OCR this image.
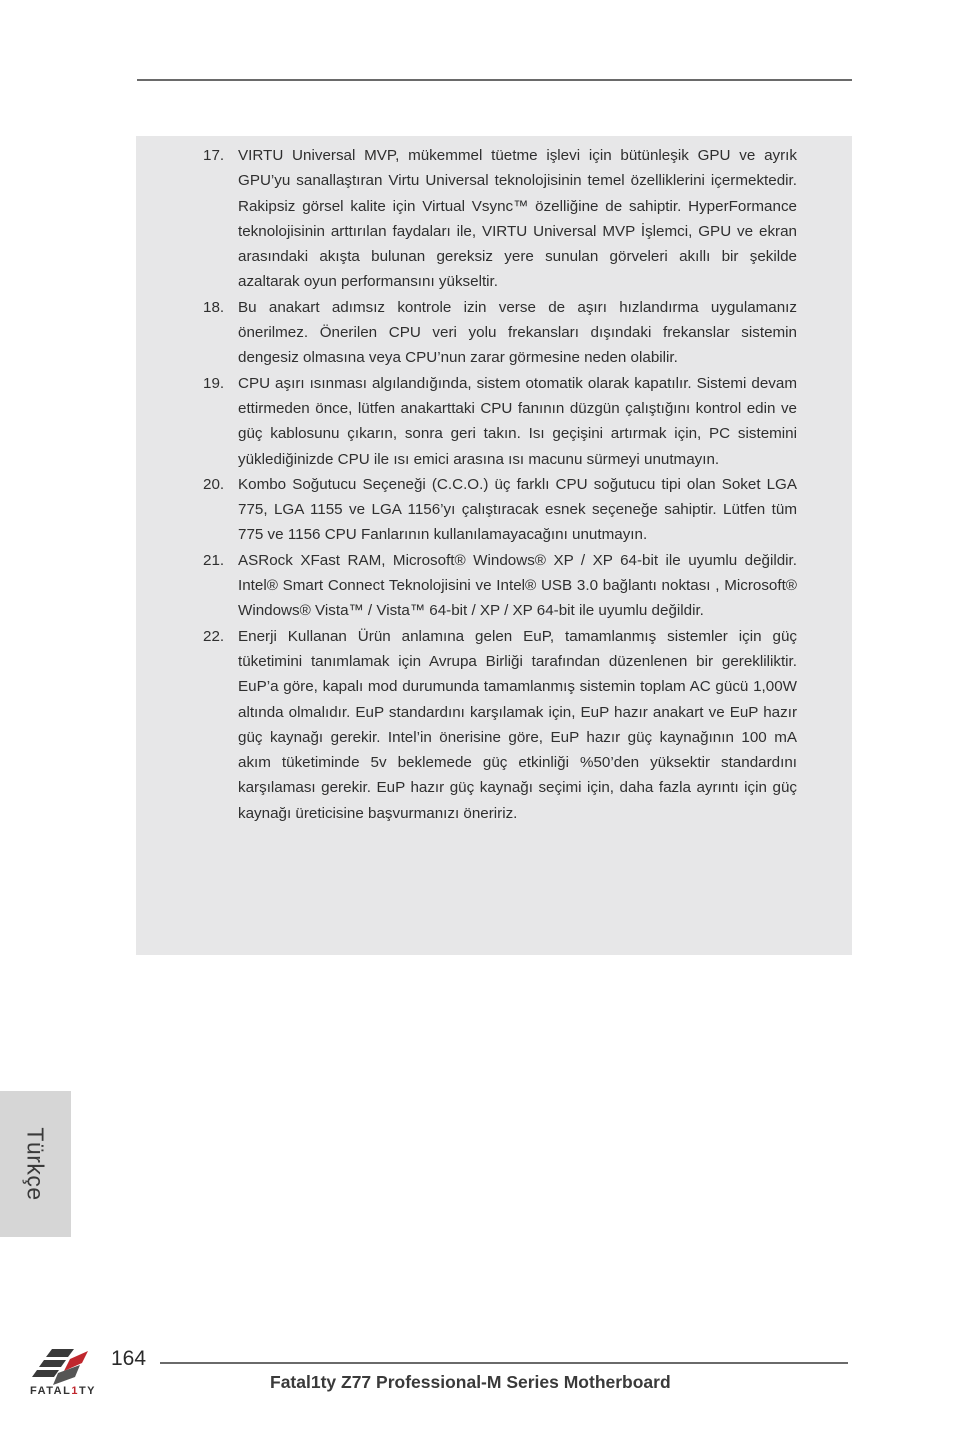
17. VIRTU Universal MVP, mükemmel tüetme işlevi için bütünleşik GPU ve ayrık GPU’yu sanallaştıran Virtu Universal teknolojisinin temel özelliklerini içermektedir. Rakipsiz görsel kalite için Virtual Vsync™ özelliğine de sahiptir. HyperFormance teknolojisinin arttırılan faydaları ile, VIRTU Universal MVP İşlemci, GPU ve ekran arasındaki akışta bulunan gereksiz yere sunulan görveleri akıllı bir şekilde azaltarak oyun performansını yükseltir.
18. Bu anakart adımsız kontrole izin verse de aşırı hızlandırma uygulamanız önerilmez. Önerilen CPU veri yolu frekansları dışındaki frekanslar sistemin dengesiz olmasına veya CPU’nun zarar görmesine neden olabilir.
19. CPU aşırı ısınması algılandığında, sistem otomatik olarak kapatılır. Sistemi devam ettirmeden önce, lütfen anakarttaki CPU fanının düzgün çalıştığını kontrol edin ve güç kablosunu çıkarın, sonra geri takın. Isı geçişini artırmak için, PC sistemini yüklediğinizde CPU ile ısı emici arasına ısı macunu sürmeyi unutmayın.
20. Kombo Soğutucu Seçeneği (C.C.O.) üç farklı CPU soğutucu tipi olan Soket LGA 775, LGA 1155 ve LGA 1156’yı çalıştıracak esnek seçeneğe sahiptir. Lütfen tüm 775 ve 1156 CPU Fanlarının kullanılamayacağını unutmayın.
21. ASRock XFast RAM, Microsoft® Windows® XP / XP 64-bit ile uyumlu değildir. Intel® Smart Connect Teknolojisini ve Intel® USB 3.0 bağlantı noktası , Microsoft® Windows® Vista™ / Vista™ 64-bit / XP / XP 64-bit ile uyumlu değildir.
22. Enerji Kullanan Ürün anlamına gelen EuP, tamamlanmış sistemler için güç tüketimini tanımlamak için Avrupa Birliği tarafından düzenlenen bir gerekliliktir. EuP’a göre, kapalı mod durumunda tamamlanmış sistemin toplam AC gücü 1,00W altında olmalıdır. EuP standardını karşılamak için, EuP hazır anakart ve EuP hazır güç kaynağı gerekir. Intel’in önerisine göre, EuP hazır güç kaynağının 100 mA akım tüketiminde 5v beklemede güç etkinliği %50’den yüksektir standardını karşılaması gerekir. EuP hazır güç kaynağı seçimi için, daha fazla ayrıntı için güç kaynağı üreticisine başvurmanızı öneririz.
Türkçe
FATAL1TY
164
Fatal1ty Z77 Professional-M Series Motherboard
